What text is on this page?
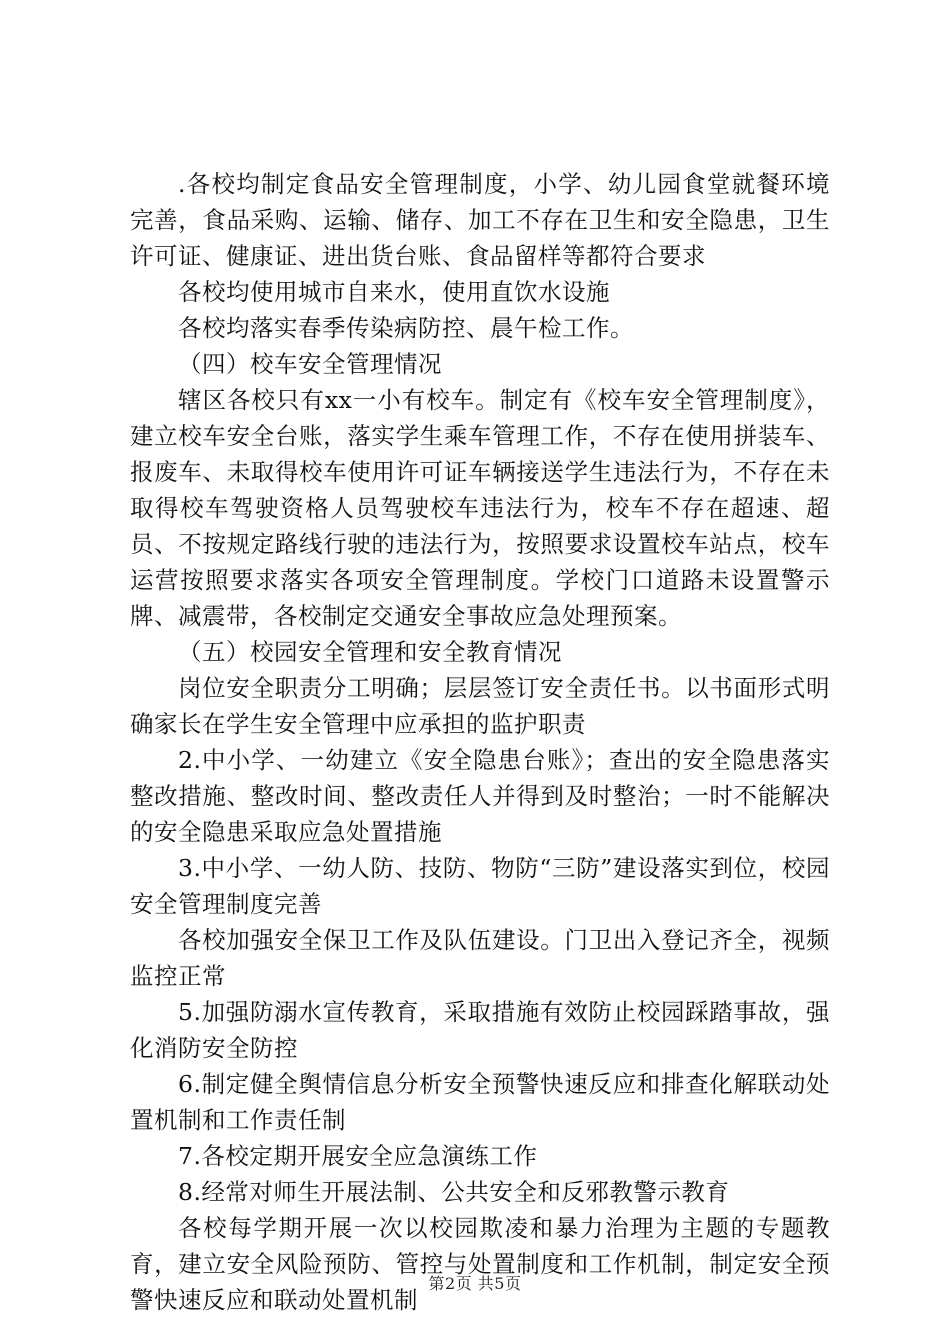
.各校均制定食品安全管理制度，小学、幼儿园食堂就餐环境完善，食品采购、运输、储存、加工不存在卫生和安全隐患，卫生许可证、健康证、进出货台账、食品留样等都符合要求

各校均使用城市自来水，使用直饮水设施

各校均落实春季传染病防控、晨午检工作。

（四）校车安全管理情况

辖区各校只有xx一小有校车。制定有《校车安全管理制度》，建立校车安全台账，落实学生乘车管理工作，不存在使用拼装车、报废车、未取得校车使用许可证车辆接送学生违法行为，不存在未取得校车驾驶资格人员驾驶校车违法行为，校车不存在超速、超员、不按规定路线行驶的违法行为，按照要求设置校车站点，校车运营按照要求落实各项安全管理制度。学校门口道路未设置警示牌、减震带，各校制定交通安全事故应急处理预案。

（五）校园安全管理和安全教育情况

岗位安全职责分工明确；层层签订安全责任书。以书面形式明确家长在学生安全管理中应承担的监护职责

2.中小学、一幼建立《安全隐患台账》；查出的安全隐患落实整改措施、整改时间、整改责任人并得到及时整治；一时不能解决的安全隐患采取应急处置措施

3.中小学、一幼人防、技防、物防“三防”建设落实到位，校园安全管理制度完善

各校加强安全保卫工作及队伍建设。门卫出入登记齐全，视频监控正常

5.加强防溺水宣传教育，采取措施有效防止校园踩踏事故，强化消防安全防控

6.制定健全舆情信息分析安全预警快速反应和排查化解联动处置机制和工作责任制

7.各校定期开展安全应急演练工作

8.经常对师生开展法制、公共安全和反邪教警示教育

各校每学期开展一次以校园欺凌和暴力治理为主题的专题教育，建立安全风险预防、管控与处置制度和工作机制，制定安全预警快速反应和联动处置机制

第2页 共5页
